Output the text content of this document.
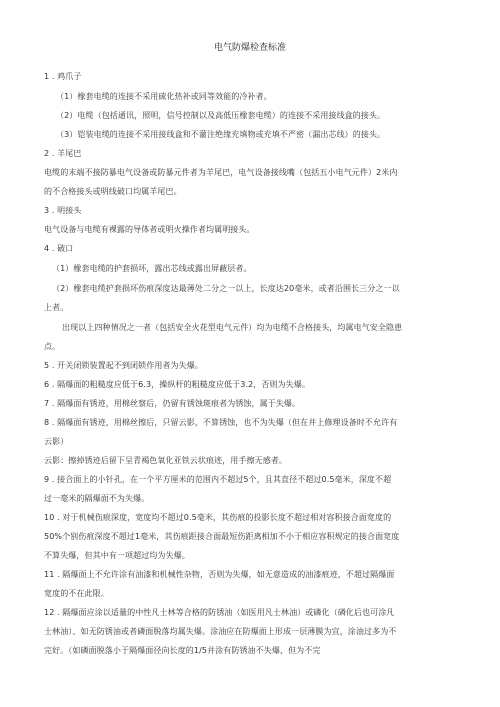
电气防爆检查标准
1 . 鸡爪子
（1）橡套电缆的连接不采用硫化热补或同等效能的冷补者。
（2）电缆（包括通讯，照明，信号控制以及高低压橡套电缆）的连接不采用接线盒的接头。
（3）铠装电缆的连接不采用接线盒和不灌注绝缘充填物或充填不严密（漏出芯线）的接头。
2 . 羊尾巴
电缆的末端不接防暴电气设备或防暴元件者为羊尾巴，电气设备接线嘴（包括五小电气元件）2米内
的不合格接头或明线破口均属羊尾巴。
3 . 明接头
电气设备与电缆有裸露的导体者或明火操作者均属明接头。
4 . 破口
（1）橡套电缆的护套损坏，露出芯线或露出屏蔽层者。
（2）橡套电缆护套损坏伤痕深度达最薄处二分之一以上，长度达20毫米，或者沿围长三分之一以
上者。
出现以上四种情况之一者（包括安全火花型电气元件）均为电缆不合格接头，均属电气安全隐患
点。
5 . 开关闭锁装置起不到闭锁作用者为失爆。
6 . 隔爆面的粗糙度应低于6.3，操纵杆的粗糙度应低于3.2，否则为失爆。
7 . 隔爆面有锈迹，用棉丝察后，仍留有锈蚀斑痕者为锈蚀，属于失爆。
8 . 隔爆面有锈迹，用棉丝擦后，只留云影，不算锈蚀，也不为失爆（但在井上修理设备时不允许有
云影）
云影：擦掉锈迹后留下呈青褐色氧化亚铁云状痕迹，用手擦无感者。
9 . 接合面上的小针孔，在一个平方厘米的范围内不超过5个，且其直径不超过0.5毫米，深度不超
过一毫米的隔爆面不为失爆。
10 . 对于机械伤痕深度，宽度均不超过0.5毫米，其伤痕的投影长度不超过相对容积接合面宽度的
50%个别伤痕深度不超过1毫米，其伤痕距接合面最短伤距离相加不小于相应容积规定的接合面宽度
不算失爆，但其中有一项超过均为失爆。
11 . 隔爆面上不允许涂有油漆和机械性杂物，否则为失爆，如无意造成的油漆痕迹，不超过隔爆面
宽度的不在此限。
12 . 隔爆面应涂以适量的中性凡士林等合格的防锈油（如医用凡士林油）或磷化（磷化后也可涂凡
士林油）、如无防锈油或者磷面脱落均属失爆。涂油应在防爆面上形成一层薄膜为宜，涂油过多为不
完好。（如磷面脱落小于隔爆面径向长度的1/5并涂有防锈油不失爆，但为不完
